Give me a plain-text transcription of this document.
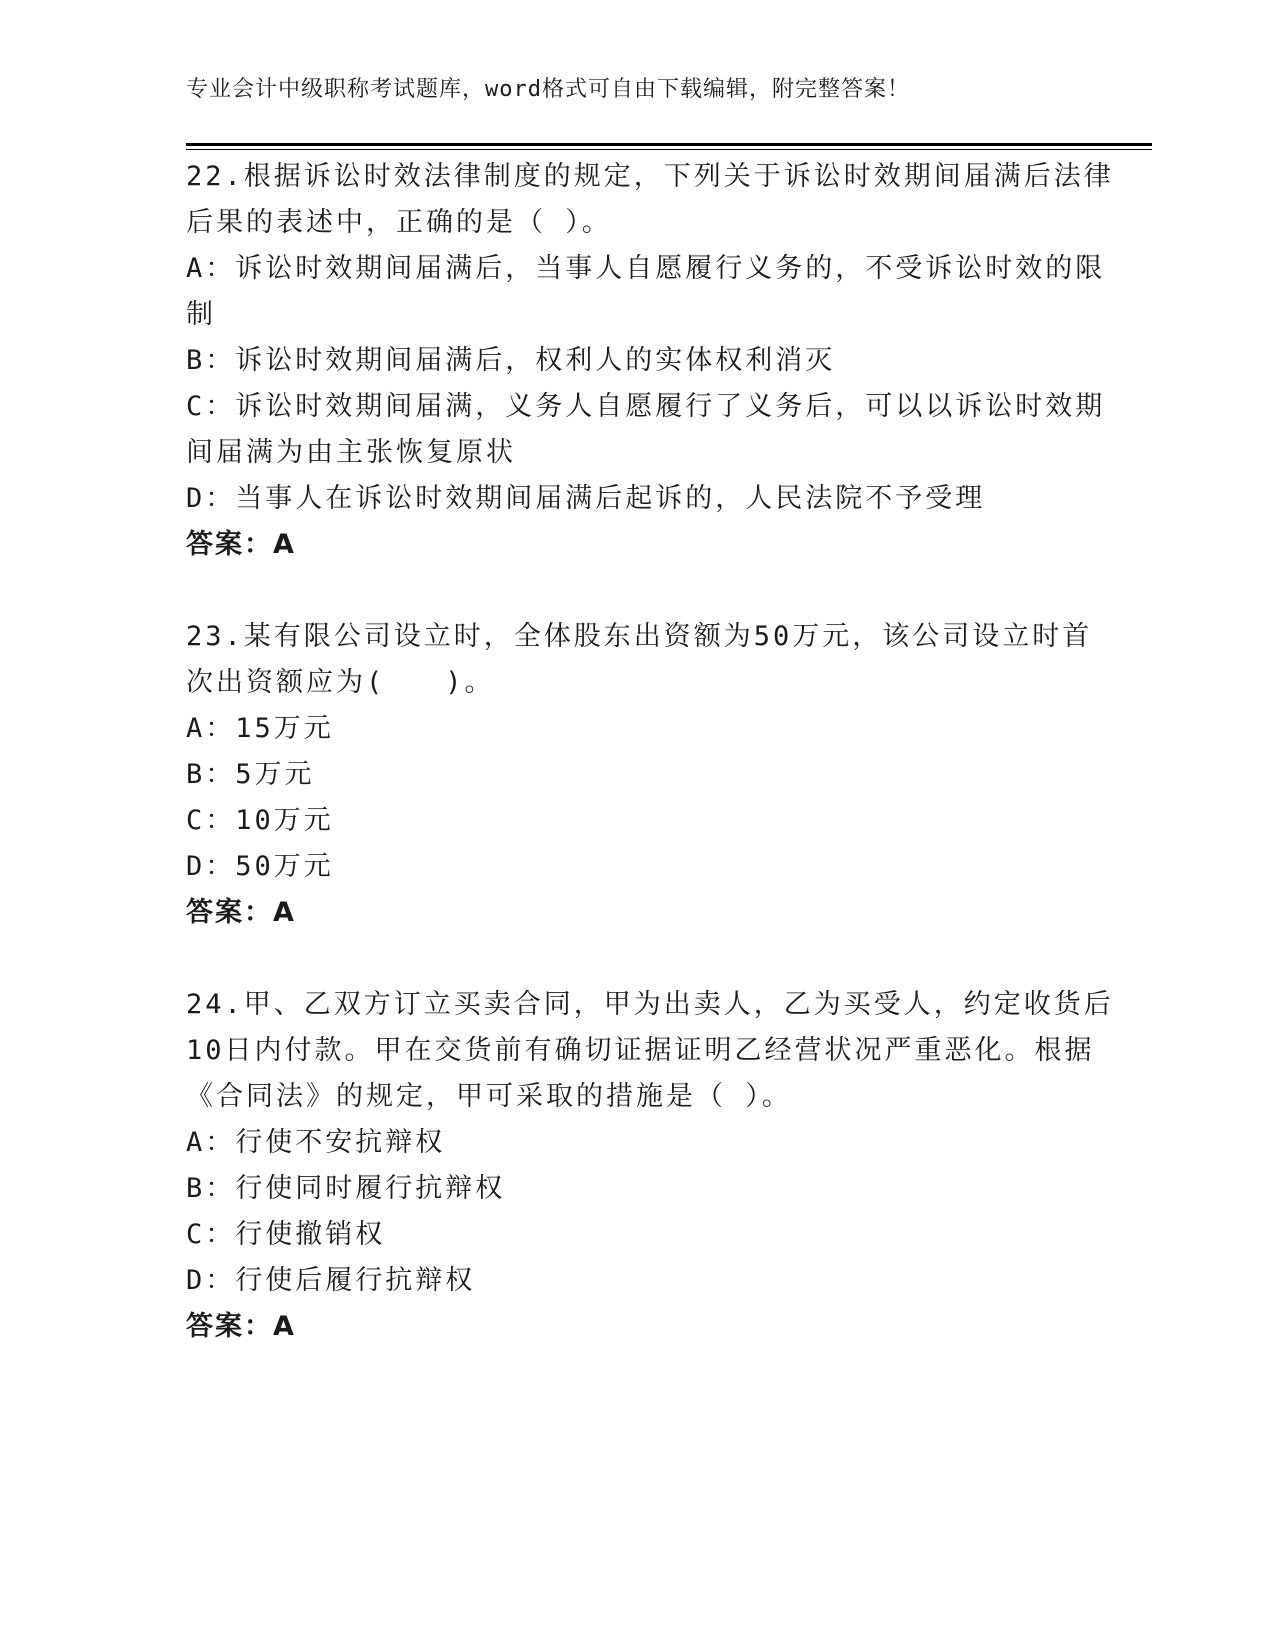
专业会计中级职称考试题库，word格式可自由下载编辑，附完整答案！
22.根据诉讼时效法律制度的规定，下列关于诉讼时效期间届满后法律
后果的表述中，正确的是（ ）。
A：诉讼时效期间届满后，当事人自愿履行义务的，不受诉讼时效的限
制
B：诉讼时效期间届满后，权利人的实体权利消灭
C：诉讼时效期间届满，义务人自愿履行了义务后，可以以诉讼时效期
间届满为由主张恢复原状
D：当事人在诉讼时效期间届满后起诉的，人民法院不予受理
答案：A
23.某有限公司设立时，全体股东出资额为50万元，该公司设立时首
次出资额应为(　　)。
A：15万元
B：5万元
C：10万元
D：50万元
答案：A
24.甲、乙双方订立买卖合同，甲为出卖人，乙为买受人，约定收货后
10日内付款。甲在交货前有确切证据证明乙经营状况严重恶化。根据
《合同法》的规定，甲可采取的措施是（ ）。
A：行使不安抗辩权
B：行使同时履行抗辩权
C：行使撤销权
D：行使后履行抗辩权
答案：A
